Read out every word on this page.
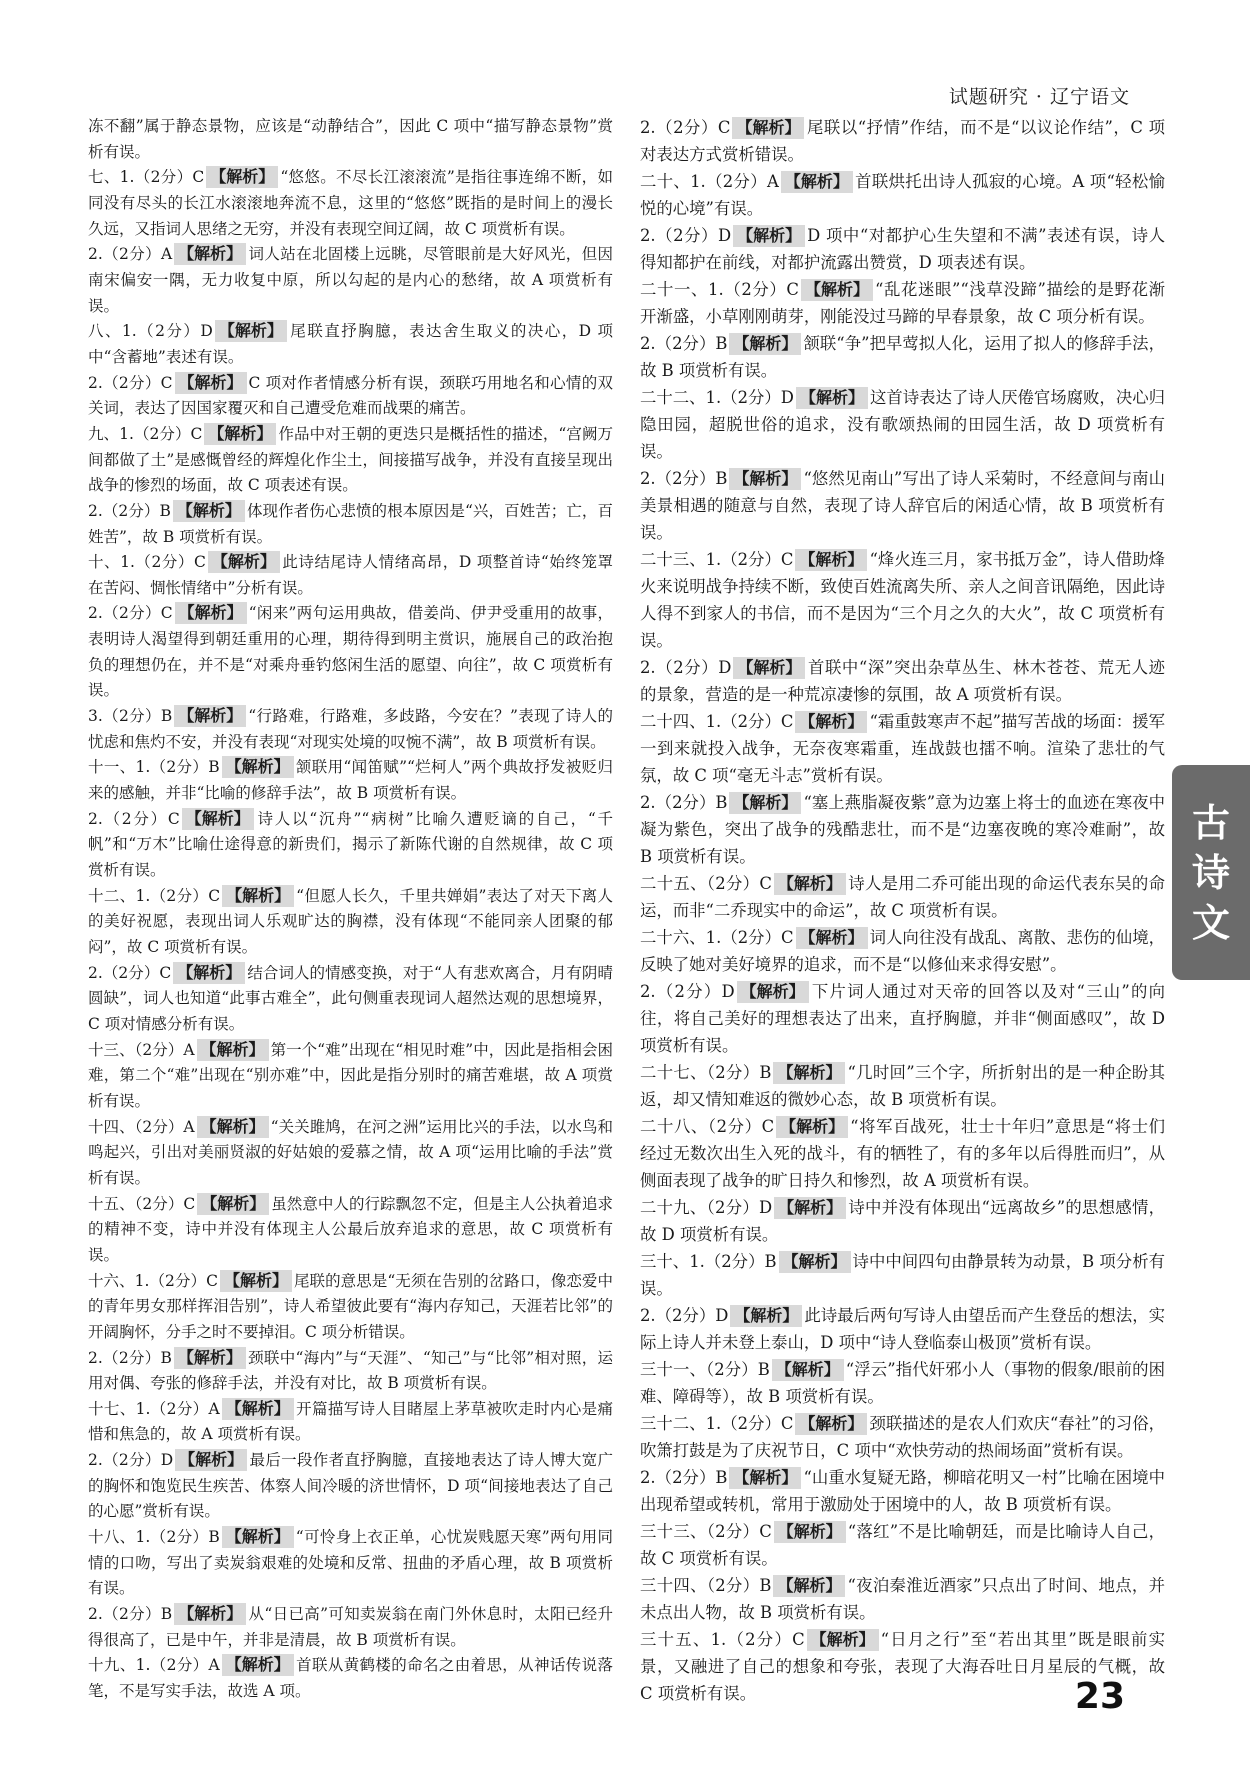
试题研究 · 辽宁语文

冻不翻”属于静态景物，应该是“动静结合”，因此 C 项中“描写静态景物”赏析有误。

七、1.（2分）C 【解析】 “悠悠。不尽长江滚滚流”是指往事连绵不断，如同没有尽头的长江水滚滚地奔流不息，这里的“悠悠”既指的是时间上的漫长久远，又指词人思绪之无穷，并没有表现空间辽阔，故 C 项赏析有误。

2.（2分）A 【解析】 词人站在北固楼上远眺，尽管眼前是大好风光，但因南宋偏安一隅，无力收复中原，所以勾起的是内心的愁绪，故 A 项赏析有误。

八、1.（2分）D 【解析】 尾联直抒胸臆，表达舍生取义的决心，D 项中“含蓄地”表述有误。

2.（2分）C 【解析】 C 项对作者情感分析有误，颈联巧用地名和心情的双关词，表达了因国家覆灭和自己遭受危难而战栗的痛苦。

九、1.（2分）C 【解析】 作品中对王朝的更迭只是概括性的描述，“宫阙万间都做了土”是感慨曾经的辉煌化作尘土，间接描写战争，并没有直接呈现出战争的惨烈的场面，故 C 项表述有误。

2.（2分）B 【解析】 体现作者伤心悲愤的根本原因是“兴，百姓苦；亡，百姓苦”，故 B 项赏析有误。

十、1.（2分）C 【解析】 此诗结尾诗人情绪高昂，D 项整首诗“始终笼罩在苦闷、惆怅情绪中”分析有误。

2.（2分）C 【解析】 “闲来”两句运用典故，借姜尚、伊尹受重用的故事，表明诗人渴望得到朝廷重用的心理，期待得到明主赏识，施展自己的政治抱负的理想仍在，并不是“对乘舟垂钓悠闲生活的愿望、向往”，故 C 项赏析有误。

3.（2分）B 【解析】 “行路难，行路难，多歧路，今安在？”表现了诗人的忧虑和焦灼不安，并没有表现“对现实处境的叹惋不满”，故 B 项赏析有误。

十一、1.（2分）B 【解析】 颔联用“闻笛赋”“烂柯人”两个典故抒发被贬归来的感触，并非“比喻的修辞手法”，故 B 项赏析有误。

2.（2分）C 【解析】 诗人以“沉舟”“病树”比喻久遭贬谪的自己，“千帆”和“万木”比喻仕途得意的新贵们，揭示了新陈代谢的自然规律，故 C 项赏析有误。

十二、1.（2分）C 【解析】 “但愿人长久，千里共婵娟”表达了对天下离人的美好祝愿，表现出词人乐观旷达的胸襟，没有体现“不能同亲人团聚的郁闷”，故 C 项赏析有误。

2.（2分）C 【解析】 结合词人的情感变换，对于“人有悲欢离合，月有阴晴圆缺”，词人也知道“此事古难全”，此句侧重表现词人超然达观的思想境界，C 项对情感分析有误。

十三、（2分）A 【解析】 第一个“难”出现在“相见时难”中，因此是指相会困难，第二个“难”出现在“别亦难”中，因此是指分别时的痛苦难堪，故 A 项赏析有误。

十四、（2分）A 【解析】 “关关雎鸠，在河之洲”运用比兴的手法，以水鸟和鸣起兴，引出对美丽贤淑的好姑娘的爱慕之情，故 A 项“运用比喻的手法”赏析有误。

十五、（2分）C 【解析】 虽然意中人的行踪飘忽不定，但是主人公执着追求的精神不变，诗中并没有体现主人公最后放弃追求的意思，故 C 项赏析有误。

十六、1.（2分）C 【解析】 尾联的意思是“无须在告别的岔路口，像恋爱中的青年男女那样挥泪告别”，诗人希望彼此要有“海内存知己，天涯若比邻”的开阔胸怀，分手之时不要掉泪。C 项分析错误。

2.（2分）B 【解析】 颈联中“海内”与“天涯”、“知己”与“比邻”相对照，运用对偶、夸张的修辞手法，并没有对比，故 B 项赏析有误。

十七、1.（2分）A 【解析】 开篇描写诗人目睹屋上茅草被吹走时内心是痛惜和焦急的，故 A 项赏析有误。

2.（2分）D 【解析】 最后一段作者直抒胸臆，直接地表达了诗人博大宽广的胸怀和饱览民生疾苦、体察人间冷暖的济世情怀，D 项“间接地表达了自己的心愿”赏析有误。

十八、1.（2分）B 【解析】 “可怜身上衣正单，心忧炭贱愿天寒”两句用同情的口吻，写出了卖炭翁艰难的处境和反常、扭曲的矛盾心理，故 B 项赏析有误。

2.（2分）B 【解析】 从“日已高”可知卖炭翁在南门外休息时，太阳已经升得很高了，已是中午，并非是清晨，故 B 项赏析有误。

十九、1.（2分）A 【解析】 首联从黄鹤楼的命名之由着思，从神话传说落笔，不是写实手法，故选 A 项。

2.（2分）C 【解析】 尾联以“抒情”作结，而不是“以议论作结”，C 项对表达方式赏析错误。

二十、1.（2分）A 【解析】 首联烘托出诗人孤寂的心境。A 项“轻松愉悦的心境”有误。

2.（2分）D 【解析】 D 项中“对都护心生失望和不满”表述有误，诗人得知都护在前线，对都护流露出赞赏，D 项表述有误。

二十一、1.（2分）C 【解析】 “乱花迷眼”“浅草没蹄”描绘的是野花渐开渐盛，小草刚刚萌芽，刚能没过马蹄的早春景象，故 C 项分析有误。

2.（2分）B 【解析】 颔联“争”把早莺拟人化，运用了拟人的修辞手法，故 B 项赏析有误。

二十二、1.（2分）D 【解析】 这首诗表达了诗人厌倦官场腐败，决心归隐田园，超脱世俗的追求，没有歌颂热闹的田园生活，故 D 项赏析有误。

2.（2分）B 【解析】 “悠然见南山”写出了诗人采菊时，不经意间与南山美景相遇的随意与自然，表现了诗人辞官后的闲适心情，故 B 项赏析有误。

二十三、1.（2分）C 【解析】 “烽火连三月，家书抵万金”，诗人借助烽火来说明战争持续不断，致使百姓流离失所、亲人之间音讯隔绝，因此诗人得不到家人的书信，而不是因为“三个月之久的大火”，故 C 项赏析有误。

2.（2分）D 【解析】 首联中“深”突出杂草丛生、林木苍苍、荒无人迹的景象，营造的是一种荒凉凄惨的氛围，故 A 项赏析有误。

二十四、1.（2分）C 【解析】 “霜重鼓寒声不起”描写苦战的场面：援军一到来就投入战争，无奈夜寒霜重，连战鼓也擂不响。渲染了悲壮的气氛，故 C 项“毫无斗志”赏析有误。

2.（2分）B 【解析】 “塞上燕脂凝夜紫”意为边塞上将士的血迹在寒夜中凝为紫色，突出了战争的残酷悲壮，而不是“边塞夜晚的寒冷难耐”，故 B 项赏析有误。

二十五、（2分）C 【解析】 诗人是用二乔可能出现的命运代表东吴的命运，而非“二乔现实中的命运”，故 C 项赏析有误。

二十六、1.（2分）C 【解析】 词人向往没有战乱、离散、悲伤的仙境，反映了她对美好境界的追求，而不是“以修仙来求得安慰”。

2.（2分）D 【解析】 下片词人通过对天帝的回答以及对“三山”的向往，将自己美好的理想表达了出来，直抒胸臆，并非“侧面感叹”，故 D 项赏析有误。

二十七、（2分）B 【解析】 “几时回”三个字，所折射出的是一种企盼其返，却又情知难返的微妙心态，故 B 项赏析有误。

二十八、（2分）C 【解析】 “将军百战死，壮士十年归”意思是“将士们经过无数次出生入死的战斗，有的牺牲了，有的多年以后得胜而归”，从侧面表现了战争的旷日持久和惨烈，故 A 项赏析有误。

二十九、（2分）D 【解析】 诗中并没有体现出“远离故乡”的思想感情，故 D 项赏析有误。

三十、1.（2分）B 【解析】 诗中中间四句由静景转为动景，B 项分析有误。

2.（2分）D 【解析】 此诗最后两句写诗人由望岳而产生登岳的想法，实际上诗人并未登上泰山，D 项中“诗人登临泰山极顶”赏析有误。

三十一、（2分）B 【解析】 “浮云”指代奸邪小人（事物的假象/眼前的困难、障碍等），故 B 项赏析有误。

三十二、1.（2分）C 【解析】 颈联描述的是农人们欢庆“春社”的习俗，吹箫打鼓是为了庆祝节日，C 项中“欢快劳动的热闹场面”赏析有误。

2.（2分）B 【解析】 “山重水复疑无路，柳暗花明又一村”比喻在困境中出现希望或转机，常用于激励处于困境中的人，故 B 项赏析有误。

三十三、（2分）C 【解析】 “落红”不是比喻朝廷，而是比喻诗人自己，故 C 项赏析有误。

三十四、（2分）B 【解析】 “夜泊秦淮近酒家”只点出了时间、地点，并未点出人物，故 B 项赏析有误。

三十五、1.（2分）C 【解析】 “日月之行”至“若出其里”既是眼前实景，又融进了自己的想象和夸张，表现了大海吞吐日月星辰的气概，故 C 项赏析有误。

古
诗
文
23
